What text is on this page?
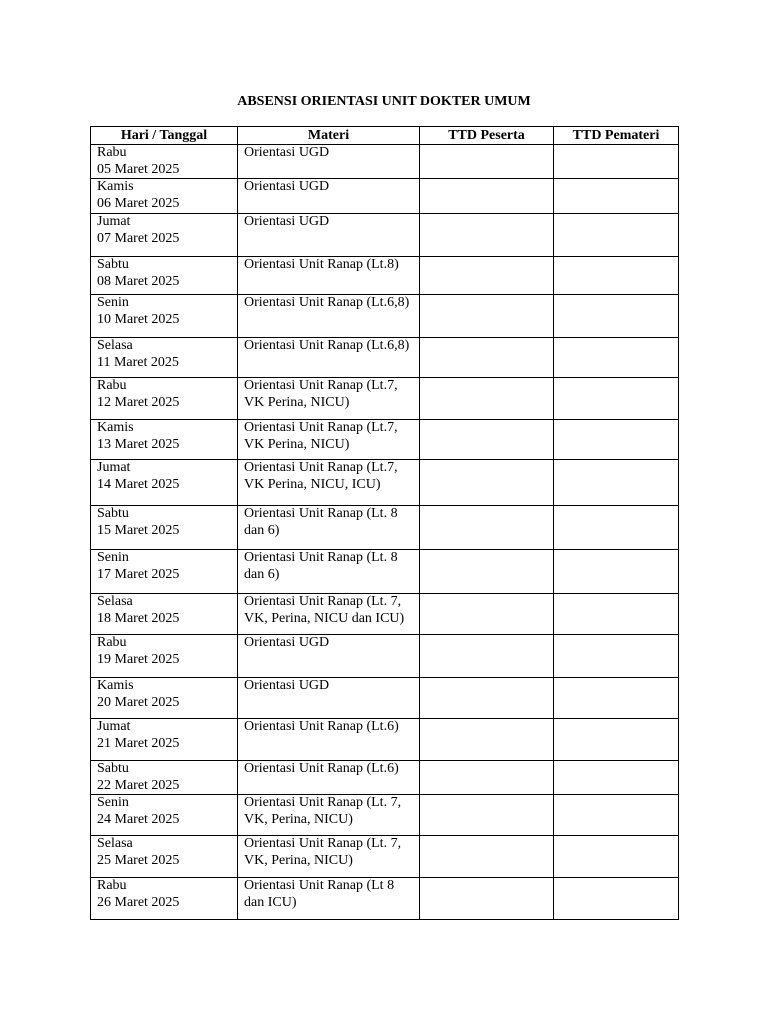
ABSENSI ORIENTASI UNIT DOKTER UMUM
Hari / Tanggal	Materi	TTD Peserta	TTD Pemateri

Rabu
05 Maret 2025	Orientasi UGD		

Kamis
06 Maret 2025	Orientasi UGD		

Jumat
07 Maret 2025	Orientasi UGD		

Sabtu
08 Maret 2025	Orientasi Unit Ranap (Lt.8)		

Senin
10 Maret 2025	Orientasi Unit Ranap (Lt.6,8)		

Selasa
11 Maret 2025	Orientasi Unit Ranap (Lt.6,8)		

Rabu
12 Maret 2025	Orientasi Unit Ranap (Lt.7,
VK Perina, NICU)		

Kamis
13 Maret 2025	Orientasi Unit Ranap (Lt.7,
VK Perina, NICU)		

Jumat
14 Maret 2025	Orientasi Unit Ranap (Lt.7,
VK Perina, NICU, ICU)		

Sabtu
15 Maret 2025	Orientasi Unit Ranap (Lt. 8
dan 6)		

Senin
17 Maret 2025	Orientasi Unit Ranap (Lt. 8
dan 6)		

Selasa
18 Maret 2025	Orientasi Unit Ranap (Lt. 7,
VK, Perina, NICU dan ICU)		

Rabu
19 Maret 2025	Orientasi UGD		

Kamis
20 Maret 2025	Orientasi UGD		

Jumat
21 Maret 2025	Orientasi Unit Ranap (Lt.6)		

Sabtu
22 Maret 2025	Orientasi Unit Ranap (Lt.6)		

Senin
24 Maret 2025	Orientasi Unit Ranap (Lt. 7,
VK, Perina, NICU)		

Selasa
25 Maret 2025	Orientasi Unit Ranap (Lt. 7,
VK, Perina, NICU)		

Rabu
26 Maret 2025	Orientasi Unit Ranap (Lt 8
dan ICU)		
